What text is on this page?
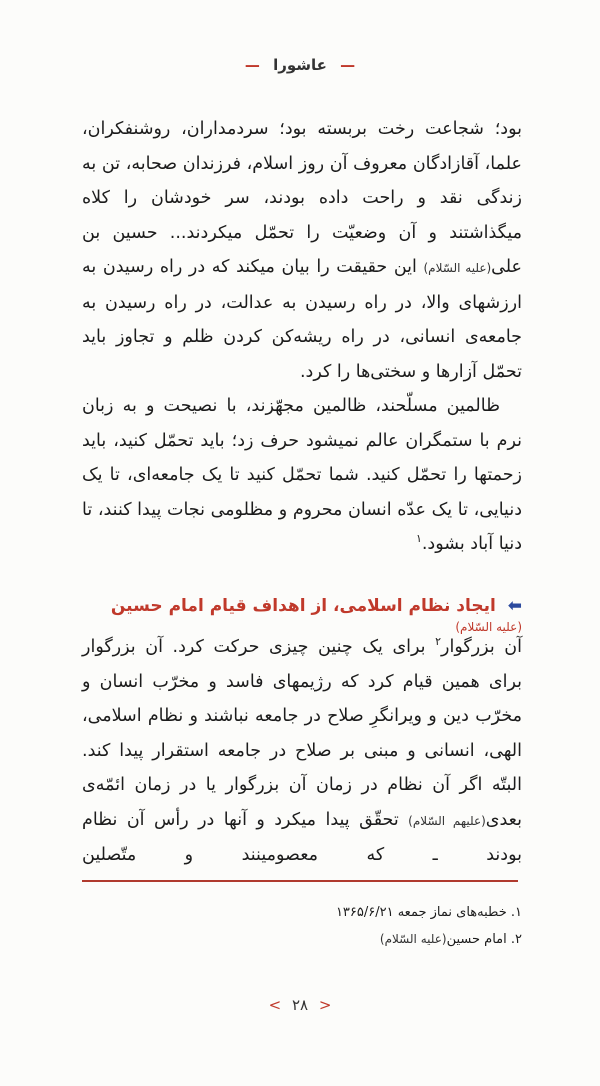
— عاشورا —

بود؛ شجاعت رخت بربسته بود؛ سردمداران، روشنفکران، علما، آقازادگان معروف آن روز اسلام، فرزندان صحابه، تن به زندگی نقد و راحت داده بودند، سر خودشان را کلاه میگذاشتند و آن وضعیّت را تحمّل میکردند... حسین بن علی(علیه السّلام) این حقیقت را بیان میکند که در راه رسیدن به ارزشهای والا، در راه رسیدن به عدالت، در راه رسیدن به جامعه‌ی انسانی، در راه ریشه‌کن کردن ظلم و تجاوز باید تحمّل آزارها و سختی‌ها را کرد.

ظالمین مسلّحند، ظالمین مجهّزند، با نصیحت و به زبان نرم با ستمگران عالم نمیشود حرف زد؛ باید تحمّل کنید، باید زحمتها را تحمّل کنید. شما تحمّل کنید تا یک جامعه‌ای، تا یک دنیایی، تا یک عدّه انسان محروم و مظلومی نجات پیدا کنند، تا دنیا آباد بشود.$^۱$

⬅ ایجاد نظام اسلامی، از اهداف قیام امام حسین (علیه السّلام)

آن بزرگوار$^۲$ برای یک چنین چیزی حرکت کرد. آن بزرگوار برای همین قیام کرد که رژیمهای فاسد و مخرّب انسان و مخرّب دین و ویرانگرِ صلاح در جامعه نباشند و نظام اسلامی، الهی، انسانی و مبنی بر صلاح در جامعه استقرار پیدا کند. البتّه اگر آن نظام در زمان آن بزرگوار یا در زمان ائمّه‌ی بعدی(علیهم السّلام) تحقّق پیدا میکرد و آنها در رأس آن نظام بودند ـ که معصومینند و متّصلین

۱. خطبه‌های نماز جمعه ۱۳۶۵/۶/۲۱

۲. امام حسین(علیه السّلام)

< ۲۸ >
